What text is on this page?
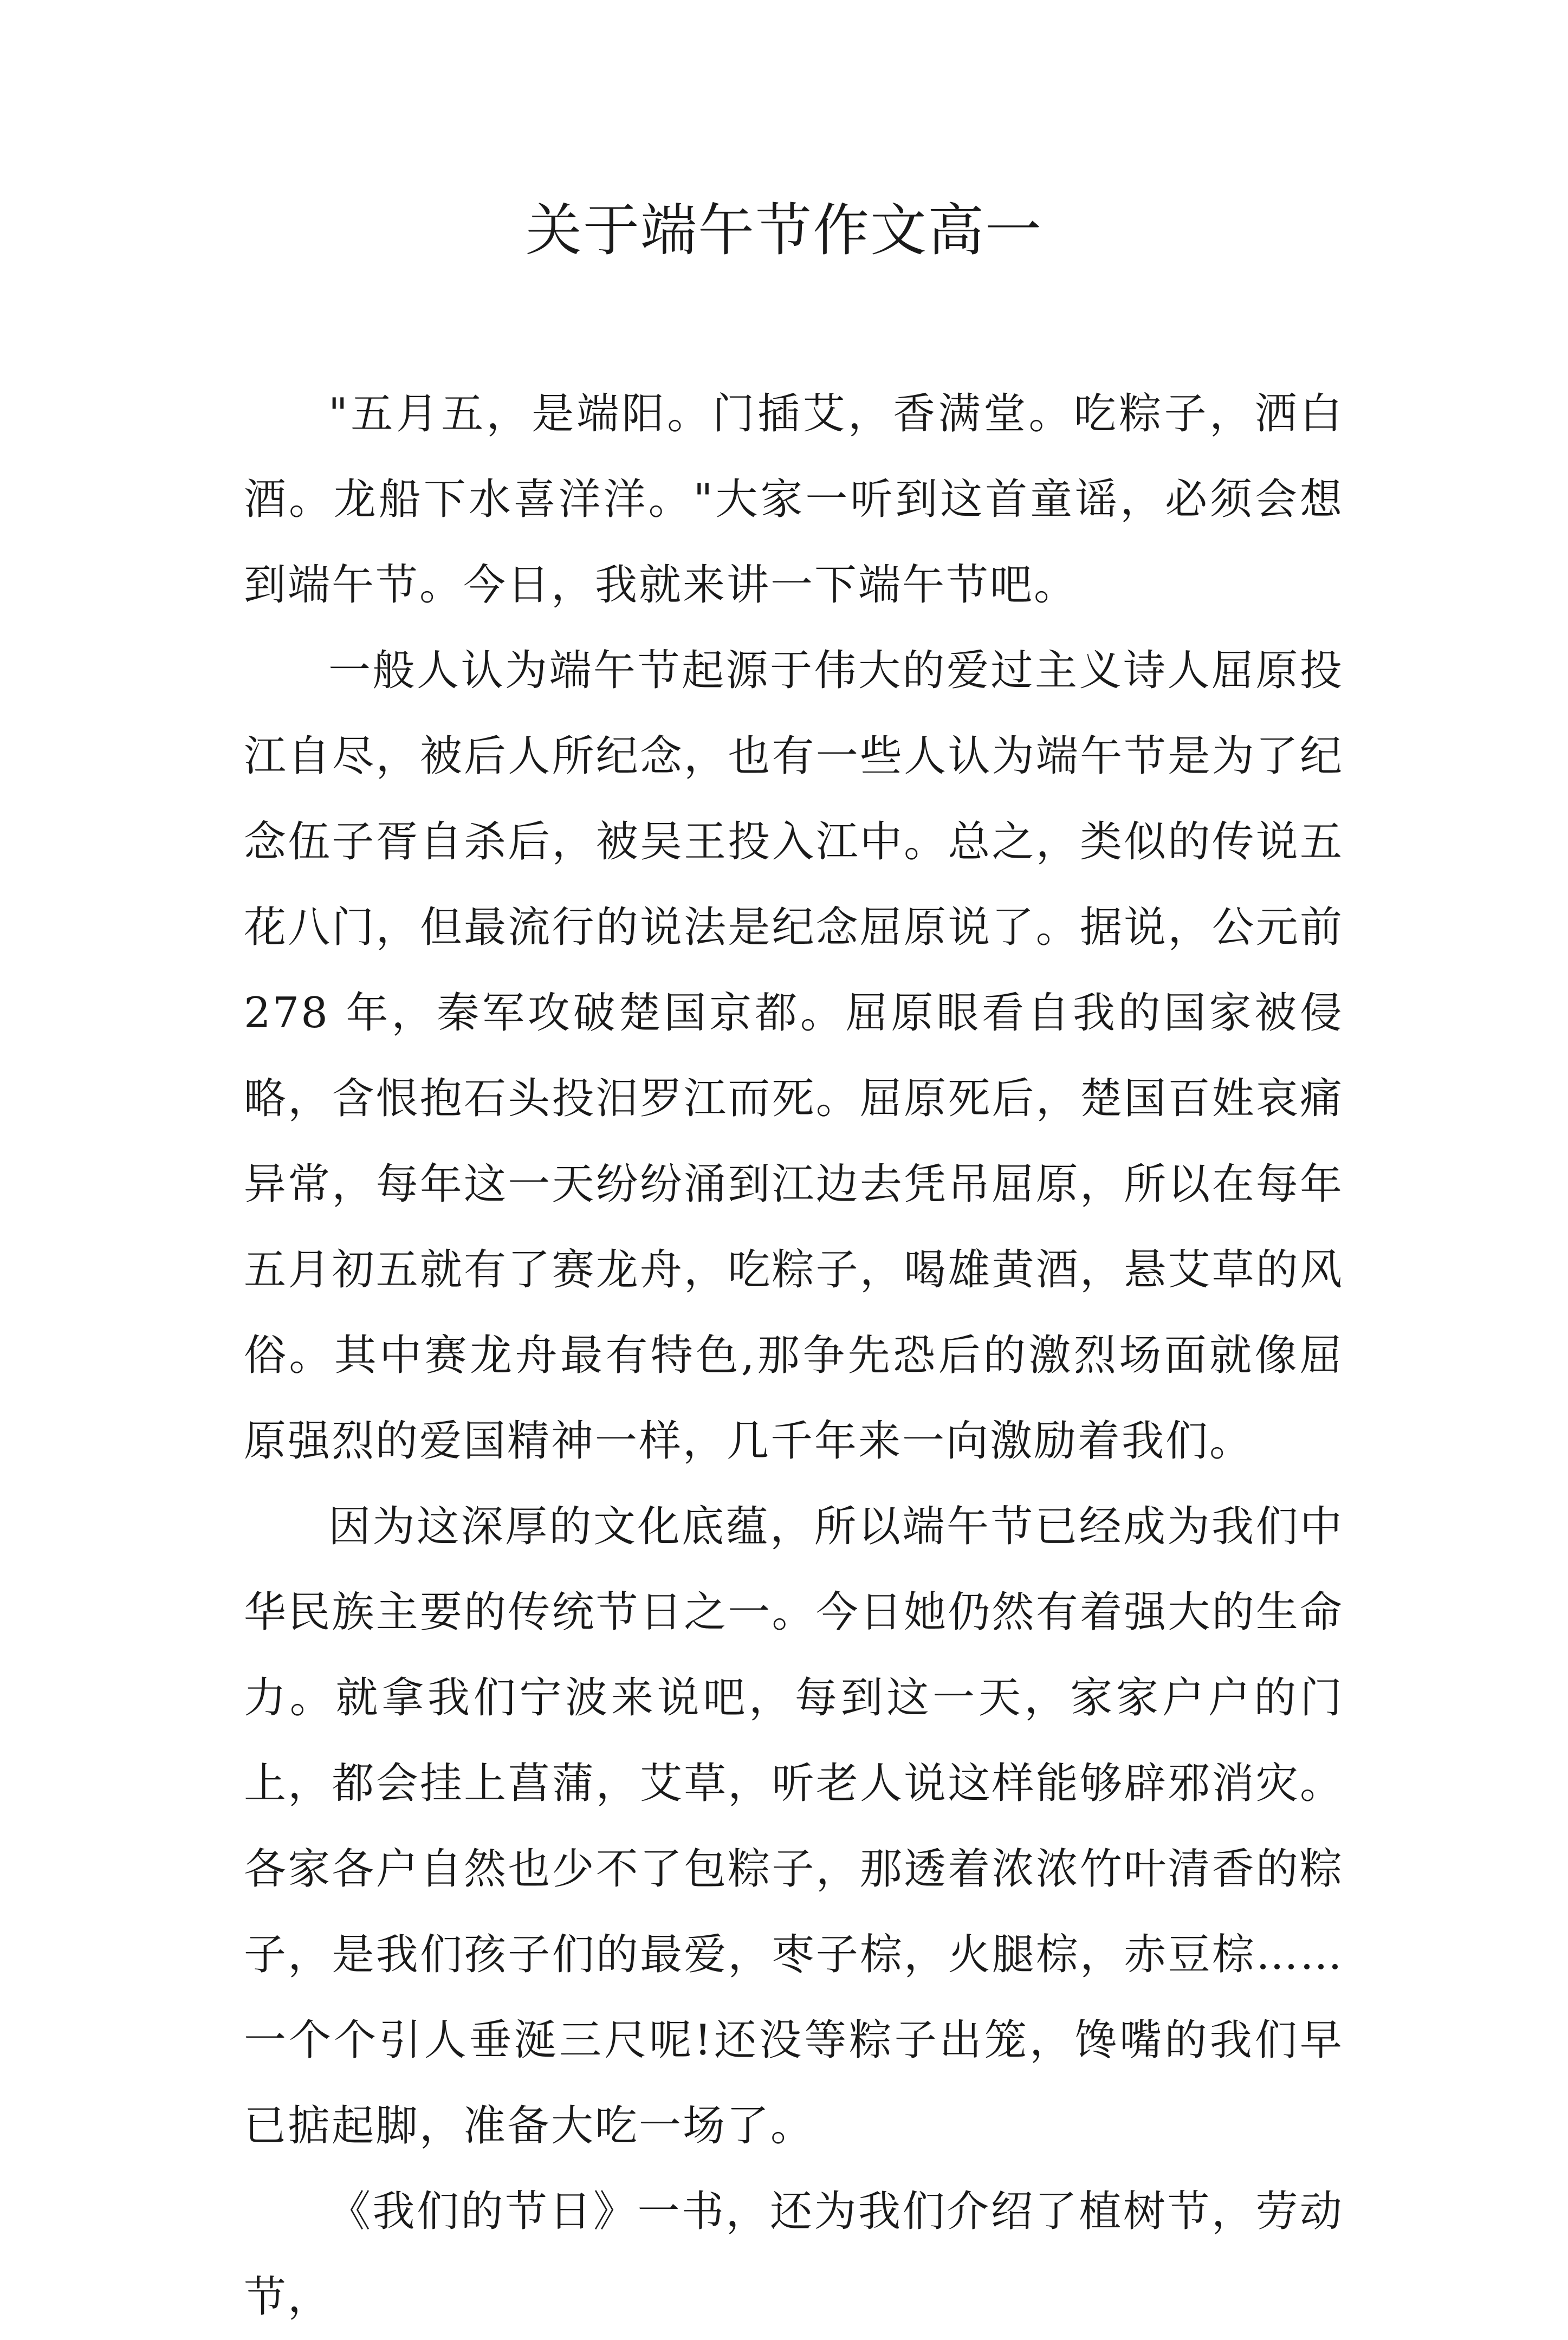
关于端午节作文高一

"五月五，是端阳。门插艾，香满堂。吃粽子，洒白酒。龙船下水喜洋洋。"大家一听到这首童谣，必须会想到端午节。今日，我就来讲一下端午节吧。

一般人认为端午节起源于伟大的爱过主义诗人屈原投江自尽，被后人所纪念，也有一些人认为端午节是为了纪念伍子胥自杀后，被吴王投入江中。总之，类似的传说五花八门，但最流行的说法是纪念屈原说了。据说，公元前 278 年，秦军攻破楚国京都。屈原眼看自我的国家被侵略，含恨抱石头投汨罗江而死。屈原死后，楚国百姓哀痛异常，每年这一天纷纷涌到江边去凭吊屈原，所以在每年五月初五就有了赛龙舟，吃粽子，喝雄黄酒，悬艾草的风俗。其中赛龙舟最有特色,那争先恐后的激烈场面就像屈原强烈的爱国精神一样，几千年来一向激励着我们。

因为这深厚的文化底蕴，所以端午节已经成为我们中华民族主要的传统节日之一。今日她仍然有着强大的生命力。就拿我们宁波来说吧，每到这一天，家家户户的门上，都会挂上菖蒲，艾草，听老人说这样能够辟邪消灾。各家各户自然也少不了包粽子，那透着浓浓竹叶清香的粽子，是我们孩子们的最爱，枣子棕，火腿棕，赤豆棕……一个个引人垂涎三尺呢!还没等粽子出笼，馋嘴的我们早已掂起脚，准备大吃一场了。

《我们的节日》一书，还为我们介绍了植树节，劳动节，
